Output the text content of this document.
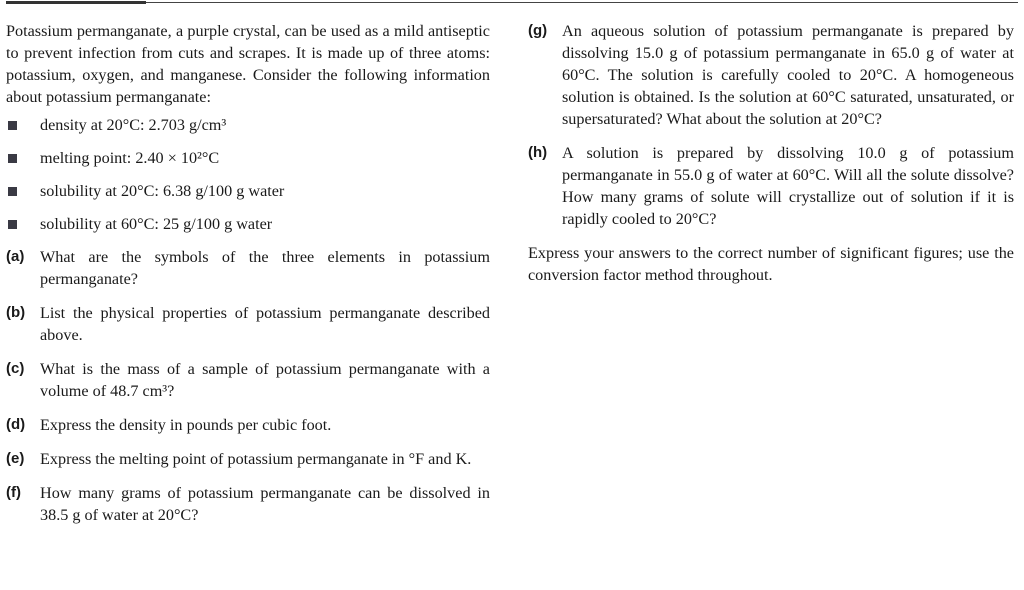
Potassium permanganate, a purple crystal, can be used as a mild antiseptic to prevent infection from cuts and scrapes. It is made up of three atoms: potassium, oxygen, and manganese. Consider the following information about potassium permanganate:

density at 20°C: 2.703 g/cm³
melting point: 2.40 × 10²°C
solubility at 20°C: 6.38 g/100 g water
solubility at 60°C: 25 g/100 g water
(a) What are the symbols of the three elements in potassium permanganate?
(b) List the physical properties of potassium permanganate described above.
(c) What is the mass of a sample of potassium permanganate with a volume of 48.7 cm³?
(d) Express the density in pounds per cubic foot.
(e) Express the melting point of potassium permanganate in °F and K.
(f) How many grams of potassium permanganate can be dissolved in 38.5 g of water at 20°C?
(g) An aqueous solution of potassium permanganate is prepared by dissolving 15.0 g of potassium permanganate in 65.0 g of water at 60°C. The solution is carefully cooled to 20°C. A homogeneous solution is obtained. Is the solution at 60°C saturated, unsaturated, or supersaturated? What about the solution at 20°C?
(h) A solution is prepared by dissolving 10.0 g of potassium permanganate in 55.0 g of water at 60°C. Will all the solute dissolve? How many grams of solute will crystallize out of solution if it is rapidly cooled to 20°C?

Express your answers to the correct number of significant figures; use the conversion factor method throughout.
